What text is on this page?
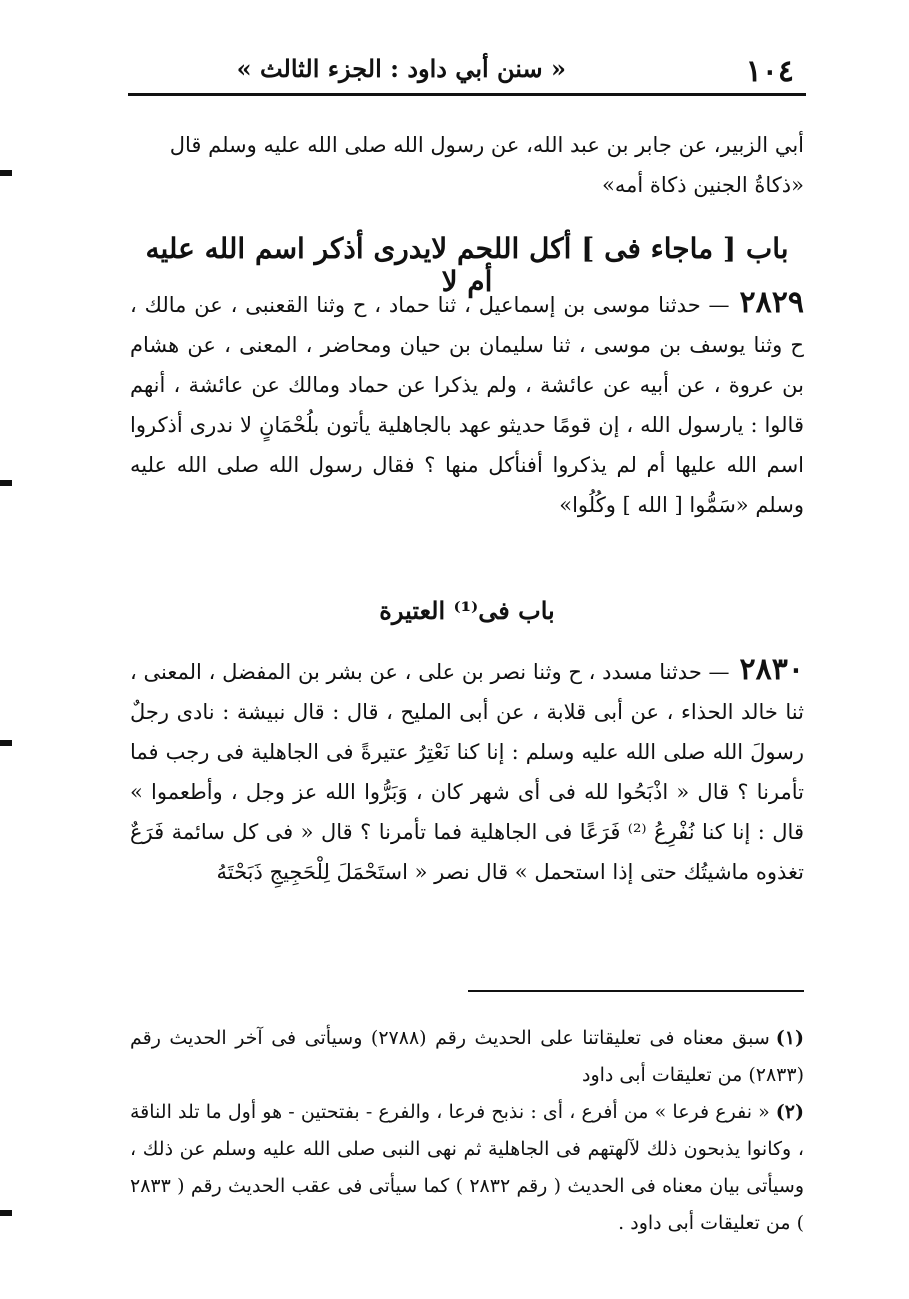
١٠٤
« سنن أبي داود : الجزء الثالث »

أبي الزبير، عن جابر بن عبد الله، عن رسول الله صلى الله عليه وسلم قال

«ذكاةُ الجنين ذكاة أمه»

باب [ ماجاء فى ] أكل اللحم لايدرى أذكر اسم الله عليه أم لا

٢٨٢٩— حدثنا موسى بن إسماعيل ، ثنا حماد ، ح وثنا القعنبى ، عن مالك ، ح وثنا يوسف بن موسى ، ثنا سليمان بن حيان ومحاضر ، المعنى ، عن هشام بن عروة ، عن أبيه عن عائشة ، ولم يذكرا عن حماد ومالك عن عائشة ، أنهم قالوا : يارسول الله ، إن قومًا حديثو عهد بالجاهلية يأتون بلُحْمَانٍ لا ندرى أذكروا اسم الله عليها أم لم يذكروا أفنأكل منها ؟ فقال رسول الله صلى الله عليه وسلم «سَمُّوا [ الله ] وكُلُوا»

باب فى⁽¹⁾ العتيرة

٢٨٣٠— حدثنا مسدد ، ح وثنا نصر بن على ، عن بشر بن المفضل ، المعنى ، ثنا خالد الحذاء ، عن أبى قلابة ، عن أبى المليح ، قال : قال نبيشة : نادى رجلٌ رسولَ الله صلى الله عليه وسلم : إنا كنا نَعْتِرُ عتيرةً فى الجاهلية فى رجب فما تأمرنا ؟ قال « اذْبَحُوا لله فى أى شهر كان ، وَبَرُّوا الله عز وجل ، وأطعموا » قال : إنا كنا نُفْرِعُ ⁽²⁾ فَرَعًا فى الجاهلية فما تأمرنا ؟ قال « فى كل سائمة فَرَعٌ تغذوه ماشيتُك حتى إذا استحمل » قال نصر « استَحْمَلَ لِلْحَجِيجِ ذَبَحْتَهُ

(١)سبق معناه فى تعليقاتنا على الحديث رقم (٢٧٨٨) وسيأتى فى آخر الحديث رقم (٢٨٣٣) من تعليقات أبى داود

(٢)« نفرع فرعا » من أفرع ، أى : نذبح فرعا ، والفرع - بفتحتين - هو أول ما تلد الناقة ، وكانوا يذبحون ذلك لآلهتهم فى الجاهلية ثم نهى النبى صلى الله عليه وسلم عن ذلك ، وسيأتى بيان معناه فى الحديث ( رقم ٢٨٣٢ ) كما سيأتى فى عقب الحديث رقم ( ٢٨٣٣ ) من تعليقات أبى داود .
